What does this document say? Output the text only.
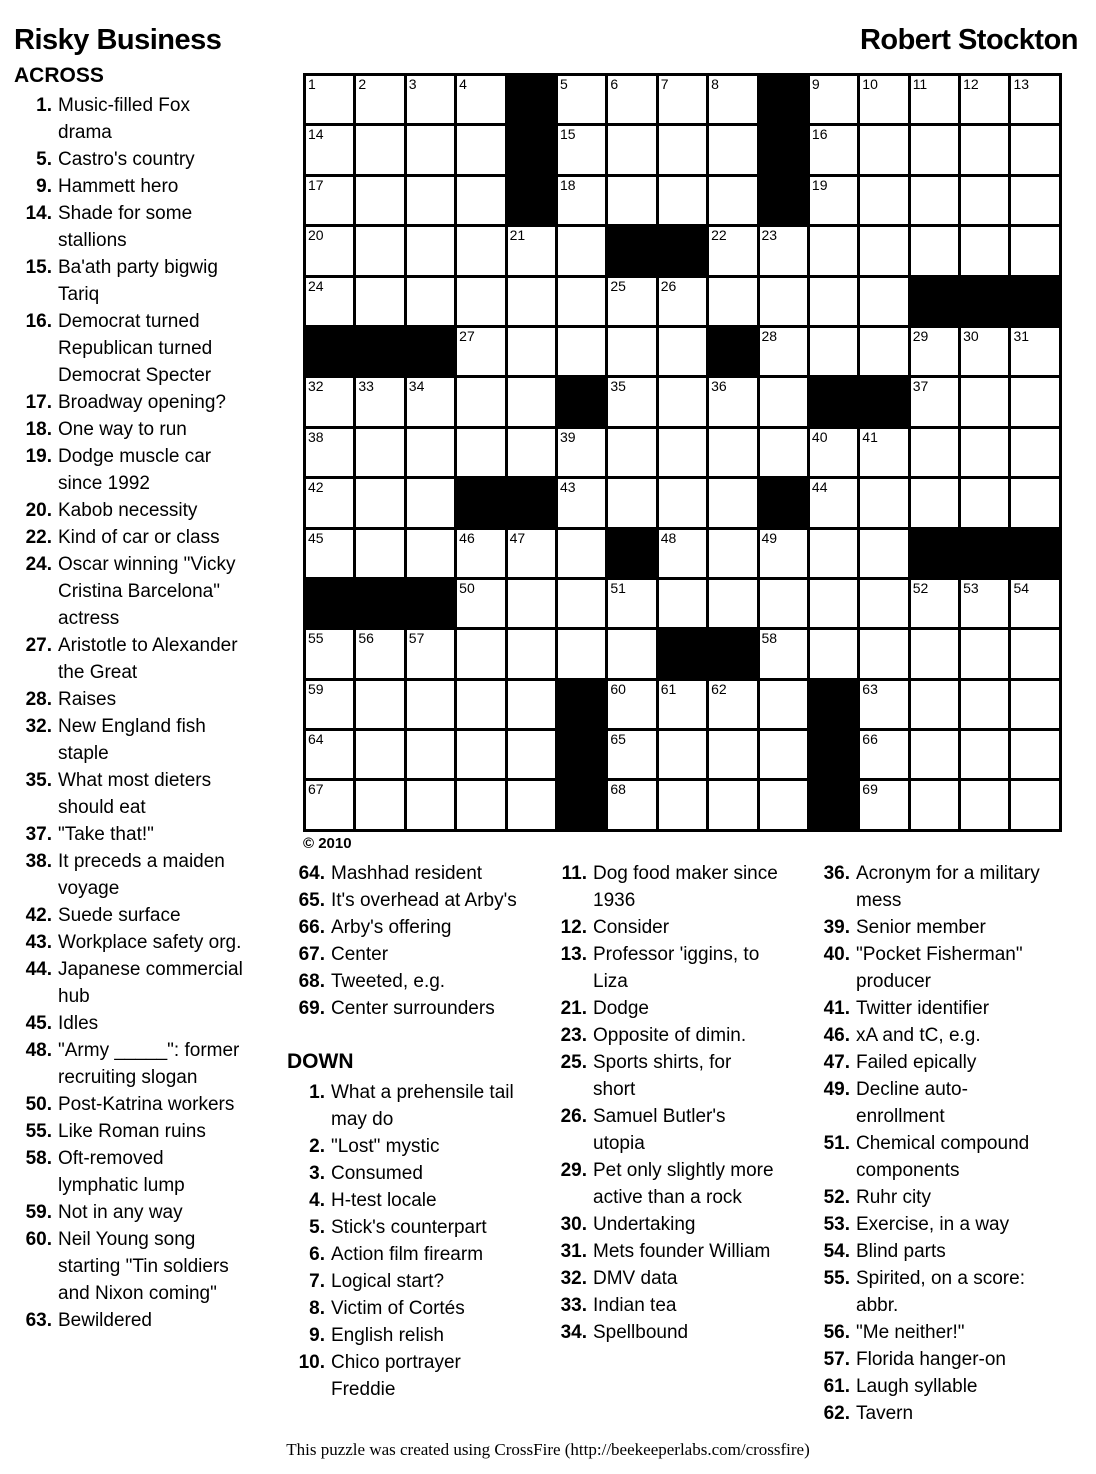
Risky Business	Robert Stockton
ACROSS
1. Music-filled Fox drama
5. Castro's country
9. Hammett hero
14. Shade for some stallions
15. Ba'ath party bigwig Tariq
16. Democrat turned Republican turned Democrat Specter
17. Broadway opening?
18. One way to run
19. Dodge muscle car since 1992
20. Kabob necessity
22. Kind of car or class
24. Oscar winning "Vicky Cristina Barcelona" actress
27. Aristotle to Alexander the Great
28. Raises
32. New England fish staple
35. What most dieters should eat
37. "Take that!"
38. It preceds a maiden voyage
42. Suede surface
43. Workplace safety org.
44. Japanese commercial hub
45. Idles
48. "Army _____": former recruiting slogan
50. Post-Katrina workers
55. Like Roman ruins
58. Oft-removed lymphatic lump
59. Not in any way
60. Neil Young song starting "Tin soldiers and Nixon coming"
63. Bewildered
1	2	3	4	5	6	7	8	9	10 11	12 13
14	15	16
17	18	19
20	21	22 23
24	25 26
27	28	29 30 31
32 33 34	35	36	37
38	39	40 41
42	43	44
45	46 47	48	49
50	51	52 53 54
55 56 57	58
59	60 61 62	63
64	65	66
67	68	69
© 2010
64. Mashhad resident
65. It's overhead at Arby's
66. Arby's offering
67. Center
68. Tweeted, e.g.
69. Center surrounders
DOWN
1. What a prehensile tail may do
2. "Lost" mystic
3. Consumed
4. H-test locale
5. Stick's counterpart
6. Action film firearm
7. Logical start?
8. Victim of Cortés
9. English relish
10. Chico portrayer Freddie
11. Dog food maker since 1936
12. Consider
13. Professor 'iggins, to Liza
21. Dodge
23. Opposite of dimin.
25. Sports shirts, for short
26. Samuel Butler's utopia
29. Pet only slightly more active than a rock
30. Undertaking
31. Mets founder William
32. DMV data
33. Indian tea
34. Spellbound
36. Acronym for a military mess
39. Senior member
40. "Pocket Fisherman" producer
41. Twitter identifier
46. xA and tC, e.g.
47. Failed epically
49. Decline auto-enrollment
51. Chemical compound components
52. Ruhr city
53. Exercise, in a way
54. Blind parts
55. Spirited, on a score: abbr.
56. "Me neither!"
57. Florida hanger-on
61. Laugh syllable
62. Tavern
This puzzle was created using CrossFire (http://beekeeperlabs.com/crossfire)
